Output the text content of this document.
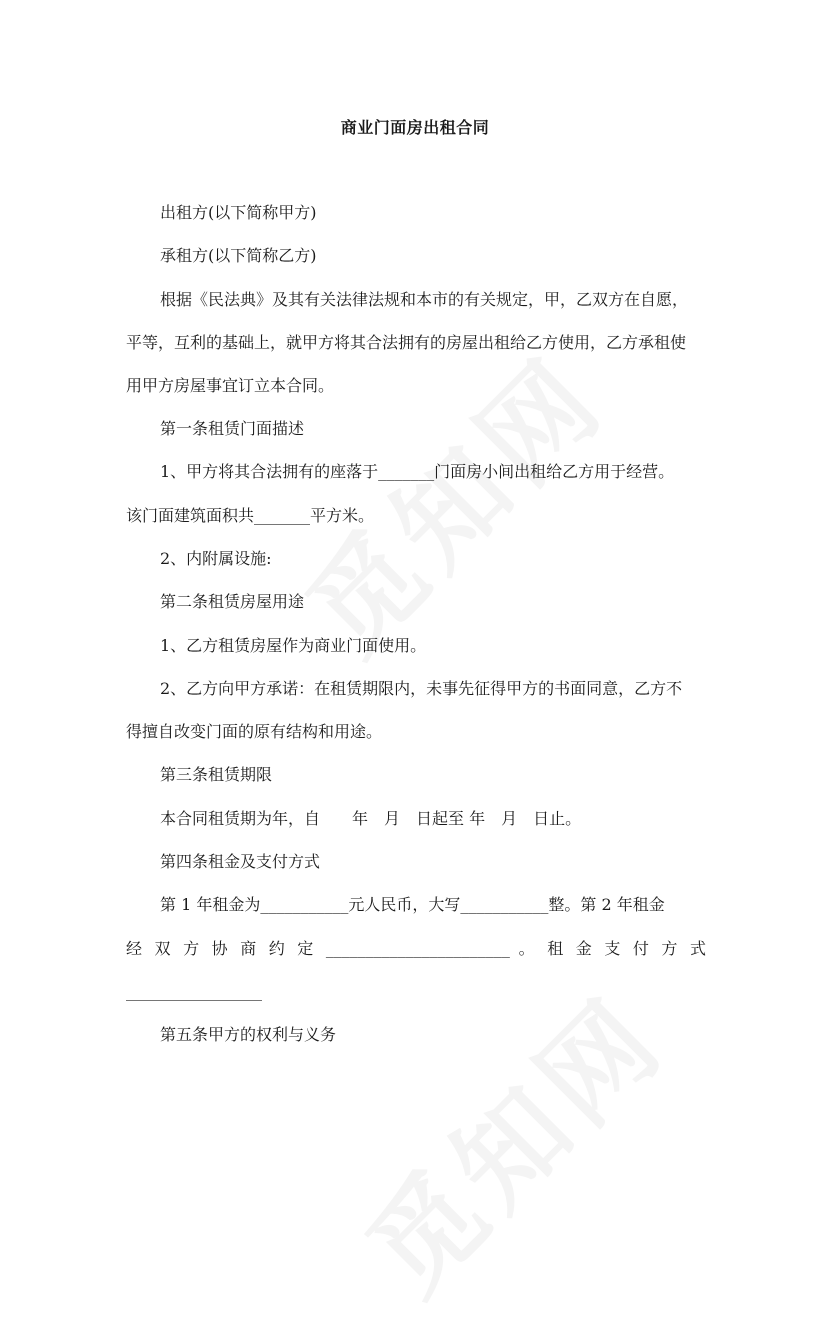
商业门面房出租合同
出租方(以下简称甲方)
承租方(以下简称乙方)
根据《民法典》及其有关法律法规和本市的有关规定，甲，乙双方在自愿，
平等，互利的基础上，就甲方将其合法拥有的房屋出租给乙方使用，乙方承租使
用甲方房屋事宜订立本合同。
第一条租赁门面描述
1、甲方将其合法拥有的座落于_______门面房小间出租给乙方用于经营。
该门面建筑面积共_______平方米。
2、内附属设施:
第二条租赁房屋用途
1、乙方租赁房屋作为商业门面使用。
2、乙方向甲方承诺：在租赁期限内，未事先征得甲方的书面同意，乙方不
得擅自改变门面的原有结构和用途。
第三条租赁期限
本合同租赁期为年，自　　年　月　日起至 年　月　日止。
第四条租金及支付方式
第 1 年租金为___________元人民币，大写___________整。第 2 年租金
经 双 方 协 商 约 定 _______________________ 。 租 金 支 付 方 式
_________________
第五条甲方的权利与义务
